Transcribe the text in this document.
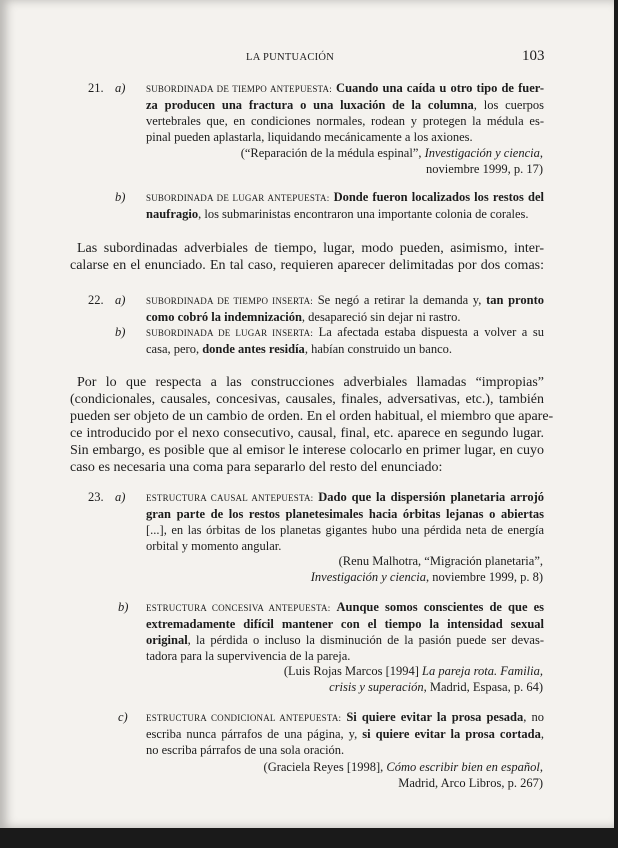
LA PUNTUACIÓN	103
21. a) SUBORDINADA DE TIEMPO ANTEPUESTA: Cuando una caída u otro tipo de fuer-
za producen una fractura o una luxación de la columna, los cuerpos
vertebrales que, en condiciones normales, rodean y protegen la médula es-
pinal pueden aplastarla, liquidando mecánicamente a los axiones.
(“Reparación de la médula espinal”, Investigación y ciencia,
noviembre 1999, p. 17)
b) SUBORDINADA DE LUGAR ANTEPUESTA: Donde fueron localizados los restos del
naufragio, los submarinistas encontraron una importante colonia de corales.
Las subordinadas adverbiales de tiempo, lugar, modo pueden, asimismo, inter-
calarse en el enunciado. En tal caso, requieren aparecer delimitadas por dos comas:
22. a) SUBORDINADA DE TIEMPO INSERTA: Se negó a retirar la demanda y, tan pronto
como cobró la indemnización, desapareció sin dejar ni rastro.
b) SUBORDINADA DE LUGAR INSERTA: La afectada estaba dispuesta a volver a su
casa, pero, donde antes residía, habían construido un banco.
Por lo que respecta a las construcciones adverbiales llamadas “impropias”
(condicionales, causales, concesivas, causales, finales, adversativas, etc.), también
pueden ser objeto de un cambio de orden. En el orden habitual, el miembro que apare-
ce introducido por el nexo consecutivo, causal, final, etc. aparece en segundo lugar.
Sin embargo, es posible que al emisor le interese colocarlo en primer lugar, en cuyo
caso es necesaria una coma para separarlo del resto del enunciado:
23. a) ESTRUCTURA CAUSAL ANTEPUESTA: Dado que la dispersión planetaria arrojó
gran parte de los restos planetesimales hacia órbitas lejanas o abiertas
[...], en las órbitas de los planetas gigantes hubo una pérdida neta de energía
orbital y momento angular.
(Renu Malhotra, “Migración planetaria”,
Investigación y ciencia, noviembre 1999, p. 8)
b) ESTRUCTURA CONCESIVA ANTEPUESTA: Aunque somos conscientes de que es
extremadamente difícil mantener con el tiempo la intensidad sexual
original, la pérdida o incluso la disminución de la pasión puede ser devas-
tadora para la supervivencia de la pareja.
(Luis Rojas Marcos [1994] La pareja rota. Familia,
crisis y superación, Madrid, Espasa, p. 64)
c) ESTRUCTURA CONDICIONAL ANTEPUESTA: Si quiere evitar la prosa pesada, no
escriba nunca párrafos de una página, y, si quiere evitar la prosa cortada,
no escriba párrafos de una sola oración.
(Graciela Reyes [1998], Cómo escribir bien en español,
Madrid, Arco Libros, p. 267)
